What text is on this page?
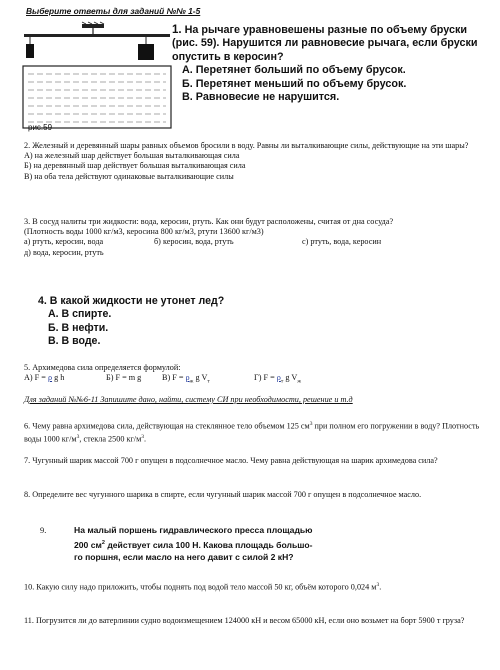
Выберите ответы для заданий №№ 1-5
рис.59
1. На рычаге уравновешены разные по объему бруски (рис. 59). Нарушится ли равновесие рычага, если бруски опустить в керосин?
А. Перетянет больший по объему брусок.
Б. Перетянет меньший по объему брусок.
В. Равновесие не нарушится.
2. Железный и деревянный шары равных объемов бросили в воду. Равны ли выталкивающие силы, действующие на эти шары?
А) на железный шар действует большая выталкивающая сила
Б) на деревянный шар действует большая выталкивающая сила
В) на оба тела действуют одинаковые выталкивающие силы
3. В сосуд налиты три жидкости: вода, керосин, ртуть. Как они будут расположены, считая от дна сосуда?
(Плотность воды 1000 кг/м3, керосина 800 кг/м3, ртути 13600 кг/м3)
а) ртуть, керосин, вода	б) керосин, вода, ртуть	с) ртуть, вода, керосин
д) вода, керосин, ртуть
4. В какой жидкости не утонет лед?
А. В спирте.
Б. В нефти.
В. В воде.
5. Архимедова сила определяется формулой:
А) F = ρ g h	Б) F = m g	В) $F = \rho_ж$ g $V_т$	Г) $F = \rho_т$ g $V_ж$
Для заданий №№6-11 Запишите дано, найти, систему СИ при необходимости, решение и т.д
6. Чему равна архимедова сила, действующая на стеклянное тело объемом 125 $см^3$ при полном его погружении в воду? Плотность воды 1000 $кг/м^3$, стекла 2500 $кг/м^3$.
7. Чугунный шарик массой 700 г опущен в подсолнечное масло. Чему равна действующая на шарик архимедова сила?
8. Определите вес чугунного шарика в спирте, если чугунный шарик массой 700 г опущен в подсолнечное масло.
9.	На малый поршень гидравлического пресса площадью
200 $см^2$ действует сила 100 Н. Какова площадь большо-
го поршня, если масло на него давит с силой 2 кН?
10. Какую силу надо приложить, чтобы поднять под водой тело массой 50 кг, объём которого 0,024 $м^3$.
11. Погрузится ли до ватерлинии судно водоизмещением 124000 кН и весом 65000 кН, если оно возьмет на борт 5900 т груза?
